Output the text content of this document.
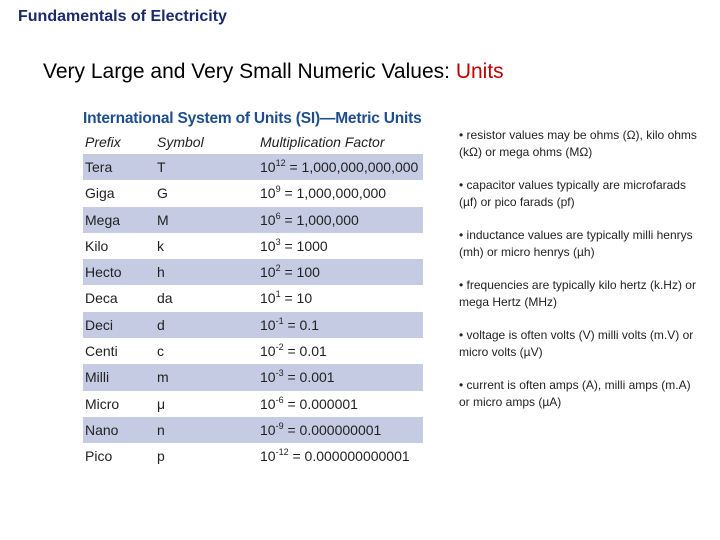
Fundamentals of Electricity
Very Large and Very Small Numeric Values: Units
International System of Units (SI)—Metric Units
Prefix	Symbol	Multiplication Factor
Tera	T	$10^{12} = 1,000,000,000,000$
Giga	G	$10^9 = 1,000,000,000$
Mega	M	$10^6 = 1,000,000$
Kilo	k	$10^3 = 1000$
Hecto	h	$10^2 = 100$
Deca	da	$10^1 = 10$
Deci	d	$10^{-1} = 0.1$
Centi	c	$10^{-2} = 0.01$
Milli	m	$10^{-3} = 0.001$
Micro	μ	$10^{-6} = 0.000001$
Nano	n	$10^{-9} = 0.000000001$
Pico	p	$10^{-12} = 0.000000000001$

• resistor values may be ohms (Ω), kilo ohms (kΩ) or mega ohms (MΩ)

• capacitor values typically are microfarads (µf) or pico farads (pf)

• inductance values are typically milli henrys (mh) or micro henrys (µh)

• frequencies are typically kilo hertz (k.Hz) or mega Hertz (MHz)

• voltage is often volts (V) milli volts (m.V) or micro volts (µV)

• current is often amps (A), milli amps (m.A) or micro amps (µA)
